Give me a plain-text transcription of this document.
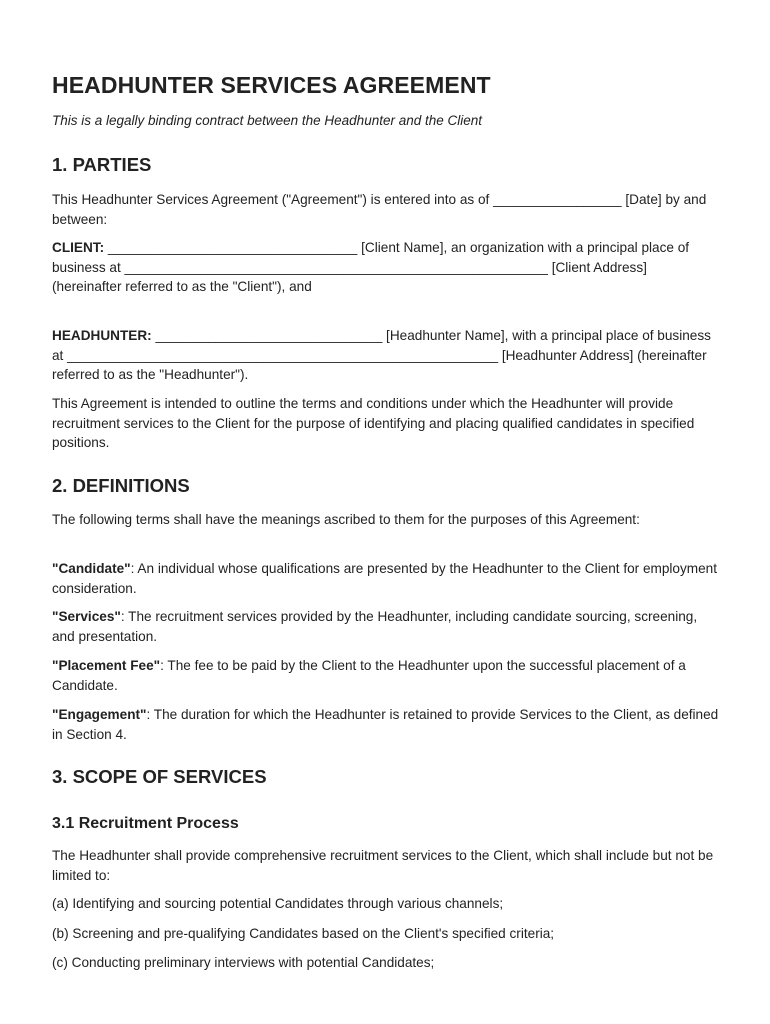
HEADHUNTER SERVICES AGREEMENT

This is a legally binding contract between the Headhunter and the Client

1. PARTIES

This Headhunter Services Agreement ("Agreement") is entered into as of _________________ [Date] by and between:

CLIENT: _________________________________ [Client Name], an organization with a principal place of business at ________________________________________________________ [Client Address] (hereinafter referred to as the "Client"), and

HEADHUNTER: ______________________________ [Headhunter Name], with a principal place of business at _________________________________________________________ [Headhunter Address] (hereinafter referred to as the "Headhunter").

This Agreement is intended to outline the terms and conditions under which the Headhunter will provide recruitment services to the Client for the purpose of identifying and placing qualified candidates in specified positions.

2. DEFINITIONS

The following terms shall have the meanings ascribed to them for the purposes of this Agreement:

"Candidate": An individual whose qualifications are presented by the Headhunter to the Client for employment consideration.

"Services": The recruitment services provided by the Headhunter, including candidate sourcing, screening, and presentation.

"Placement Fee": The fee to be paid by the Client to the Headhunter upon the successful placement of a Candidate.

"Engagement": The duration for which the Headhunter is retained to provide Services to the Client, as defined in Section 4.

3. SCOPE OF SERVICES
3.1 Recruitment Process

The Headhunter shall provide comprehensive recruitment services to the Client, which shall include but not be limited to:

(a) Identifying and sourcing potential Candidates through various channels;

(b) Screening and pre-qualifying Candidates based on the Client's specified criteria;

(c) Conducting preliminary interviews with potential Candidates;
